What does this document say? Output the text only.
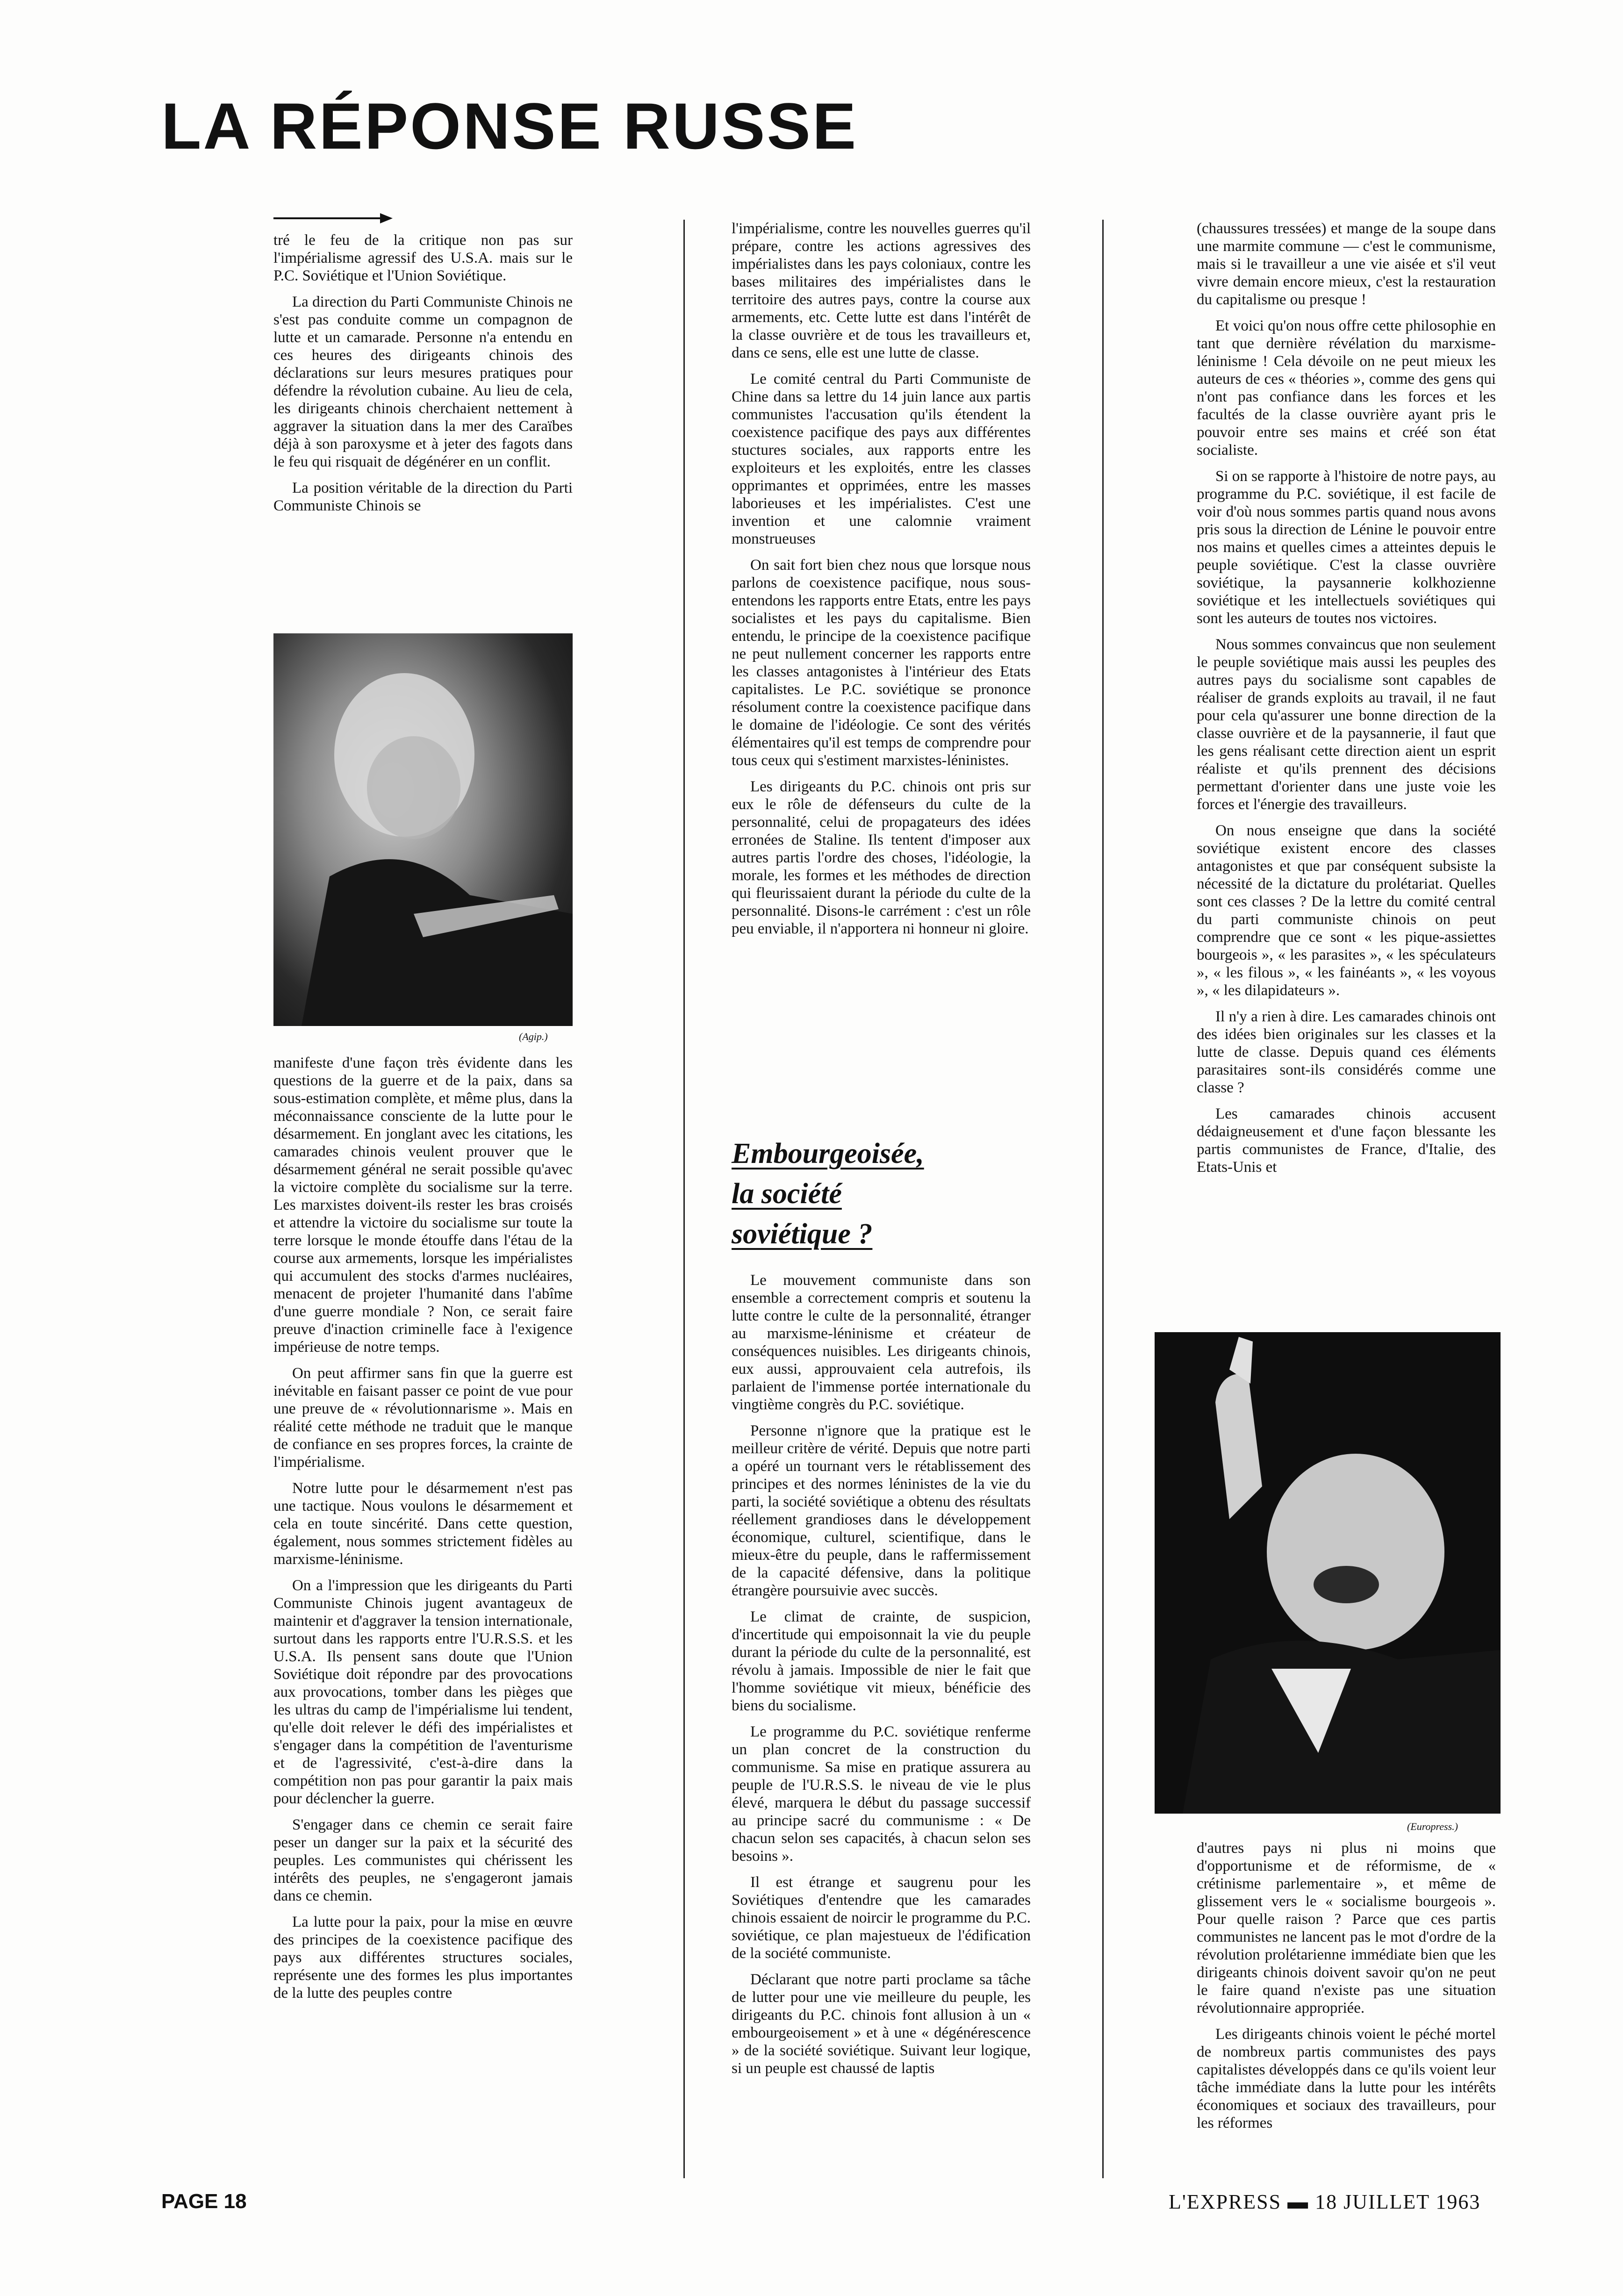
LA RÉPONSE RUSSE

tré le feu de la critique non pas sur l'impérialisme agressif des U.S.A. mais sur le P.C. Soviétique et l'Union Soviétique.

La direction du Parti Communiste Chinois ne s'est pas conduite comme un compagnon de lutte et un camarade. Personne n'a entendu en ces heures des dirigeants chinois des déclarations sur leurs mesures pratiques pour défendre la révolution cubaine. Au lieu de cela, les dirigeants chinois cherchaient nettement à aggraver la situation dans la mer des Caraïbes déjà à son paroxysme et à jeter des fagots dans le feu qui risquait de dégénérer en un conflit.

La position véritable de la direction du Parti Communiste Chinois se

(Agip.)

manifeste d'une façon très évidente dans les questions de la guerre et de la paix, dans sa sous-estimation complète, et même plus, dans la méconnaissance consciente de la lutte pour le désarmement. En jonglant avec les citations, les camarades chinois veulent prouver que le désarmement général ne serait possible qu'avec la victoire complète du socialisme sur la terre. Les marxistes doivent-ils rester les bras croisés et attendre la victoire du socialisme sur toute la terre lorsque le monde étouffe dans l'étau de la course aux armements, lorsque les impérialistes qui accumulent des stocks d'armes nucléaires, menacent de projeter l'humanité dans l'abîme d'une guerre mondiale ? Non, ce serait faire preuve d'inaction criminelle face à l'exigence impérieuse de notre temps.

On peut affirmer sans fin que la guerre est inévitable en faisant passer ce point de vue pour une preuve de « révolutionnarisme ». Mais en réalité cette méthode ne traduit que le manque de confiance en ses propres forces, la crainte de l'impérialisme.

Notre lutte pour le désarmement n'est pas une tactique. Nous voulons le désarmement et cela en toute sincérité. Dans cette question, également, nous sommes strictement fidèles au marxisme-léninisme.

On a l'impression que les dirigeants du Parti Communiste Chinois jugent avantageux de maintenir et d'aggraver la tension internationale, surtout dans les rapports entre l'U.R.S.S. et les U.S.A. Ils pensent sans doute que l'Union Soviétique doit répondre par des provocations aux provocations, tomber dans les pièges que les ultras du camp de l'impérialisme lui tendent, qu'elle doit relever le défi des impérialistes et s'engager dans la compétition de l'aventurisme et de l'agressivité, c'est-à-dire dans la compétition non pas pour garantir la paix mais pour déclencher la guerre.

S'engager dans ce chemin ce serait faire peser un danger sur la paix et la sécurité des peuples. Les communistes qui chérissent les intérêts des peuples, ne s'engageront jamais dans ce chemin.

La lutte pour la paix, pour la mise en œuvre des principes de la coexistence pacifique des pays aux différentes structures sociales, représente une des formes les plus importantes de la lutte des peuples contre

l'impérialisme, contre les nouvelles guerres qu'il prépare, contre les actions agressives des impérialistes dans les pays coloniaux, contre les bases militaires des impérialistes dans le territoire des autres pays, contre la course aux armements, etc. Cette lutte est dans l'intérêt de la classe ouvrière et de tous les travailleurs et, dans ce sens, elle est une lutte de classe.

Le comité central du Parti Communiste de Chine dans sa lettre du 14 juin lance aux partis communistes l'accusation qu'ils étendent la coexistence pacifique des pays aux différentes stuctures sociales, aux rapports entre les exploiteurs et les exploités, entre les classes opprimantes et opprimées, entre les masses laborieuses et les impérialistes. C'est une invention et une calomnie vraiment monstrueuses

On sait fort bien chez nous que lorsque nous parlons de coexistence pacifique, nous sous-entendons les rapports entre Etats, entre les pays socialistes et les pays du capitalisme. Bien entendu, le principe de la coexistence pacifique ne peut nullement concerner les rapports entre les classes antagonistes à l'intérieur des Etats capitalistes. Le P.C. soviétique se prononce résolument contre la coexistence pacifique dans le domaine de l'idéologie. Ce sont des vérités élémentaires qu'il est temps de comprendre pour tous ceux qui s'estiment marxistes-léninistes.

Les dirigeants du P.C. chinois ont pris sur eux le rôle de défenseurs du culte de la personnalité, celui de propagateurs des idées erronées de Staline. Ils tentent d'imposer aux autres partis l'ordre des choses, l'idéologie, la morale, les formes et les méthodes de direction qui fleurissaient durant la période du culte de la personnalité. Disons-le carrément : c'est un rôle peu enviable, il n'apportera ni honneur ni gloire.

Embourgeoisée,
la société
soviétique ?

Le mouvement communiste dans son ensemble a correctement compris et soutenu la lutte contre le culte de la personnalité, étranger au marxisme-léninisme et créateur de conséquences nuisibles. Les dirigeants chinois, eux aussi, approuvaient cela autrefois, ils parlaient de l'immense portée internationale du vingtième congrès du P.C. soviétique.

Personne n'ignore que la pratique est le meilleur critère de vérité. Depuis que notre parti a opéré un tournant vers le rétablissement des principes et des normes léninistes de la vie du parti, la société soviétique a obtenu des résultats réellement grandioses dans le développement économique, culturel, scientifique, dans le mieux-être du peuple, dans le raffermissement de la capacité défensive, dans la politique étrangère poursuivie avec succès.

Le climat de crainte, de suspicion, d'incertitude qui empoisonnait la vie du peuple durant la période du culte de la personnalité, est révolu à jamais. Impossible de nier le fait que l'homme soviétique vit mieux, bénéficie des biens du socialisme.

Le programme du P.C. soviétique renferme un plan concret de la construction du communisme. Sa mise en pratique assurera au peuple de l'U.R.S.S. le niveau de vie le plus élevé, marquera le début du passage successif au principe sacré du communisme : « De chacun selon ses capacités, à chacun selon ses besoins ».

Il est étrange et saugrenu pour les Soviétiques d'entendre que les camarades chinois essaient de noircir le programme du P.C. soviétique, ce plan majestueux de l'édification de la société communiste.

Déclarant que notre parti proclame sa tâche de lutter pour une vie meilleure du peuple, les dirigeants du P.C. chinois font allusion à un « embourgeoisement » et à une « dégénérescence » de la société soviétique. Suivant leur logique, si un peuple est chaussé de laptis

(chaussures tressées) et mange de la soupe dans une marmite commune — c'est le communisme, mais si le travailleur a une vie aisée et s'il veut vivre demain encore mieux, c'est la restauration du capitalisme ou presque !

Et voici qu'on nous offre cette philosophie en tant que dernière révélation du marxisme-léninisme ! Cela dévoile on ne peut mieux les auteurs de ces « théories », comme des gens qui n'ont pas confiance dans les forces et les facultés de la classe ouvrière ayant pris le pouvoir entre ses mains et créé son état socialiste.

Si on se rapporte à l'histoire de notre pays, au programme du P.C. soviétique, il est facile de voir d'où nous sommes partis quand nous avons pris sous la direction de Lénine le pouvoir entre nos mains et quelles cimes a atteintes depuis le peuple soviétique. C'est la classe ouvrière soviétique, la paysannerie kolkhozienne soviétique et les intellectuels soviétiques qui sont les auteurs de toutes nos victoires.

Nous sommes convaincus que non seulement le peuple soviétique mais aussi les peuples des autres pays du socialisme sont capables de réaliser de grands exploits au travail, il ne faut pour cela qu'assurer une bonne direction de la classe ouvrière et de la paysannerie, il faut que les gens réalisant cette direction aient un esprit réaliste et qu'ils prennent des décisions permettant d'orienter dans une juste voie les forces et l'énergie des travailleurs.

On nous enseigne que dans la société soviétique existent encore des classes antagonistes et que par conséquent subsiste la nécessité de la dictature du prolétariat. Quelles sont ces classes ? De la lettre du comité central du parti communiste chinois on peut comprendre que ce sont « les pique-assiettes bourgeois », « les parasites », « les spéculateurs », « les filous », « les fainéants », « les voyous », « les dilapidateurs ».

Il n'y a rien à dire. Les camarades chinois ont des idées bien originales sur les classes et la lutte de classe. Depuis quand ces éléments parasitaires sont-ils considérés comme une classe ?

Les camarades chinois accusent dédaigneusement et d'une façon blessante les partis communistes de France, d'Italie, des Etats-Unis et

(Europress.)

d'autres pays ni plus ni moins que d'opportunisme et de réformisme, de « crétinisme parlementaire », et même de glissement vers le « socialisme bourgeois ». Pour quelle raison ? Parce que ces partis communistes ne lancent pas le mot d'ordre de la révolution prolétarienne immédiate bien que les dirigeants chinois doivent savoir qu'on ne peut le faire quand n'existe pas une situation révolutionnaire appropriée.

Les dirigeants chinois voient le péché mortel de nombreux partis communistes des pays capitalistes développés dans ce qu'ils voient leur tâche immédiate dans la lutte pour les intérêts économiques et sociaux des travailleurs, pour les réformes

PAGE 18	L'EXPRESS ▬ 18 JUILLET 1963
